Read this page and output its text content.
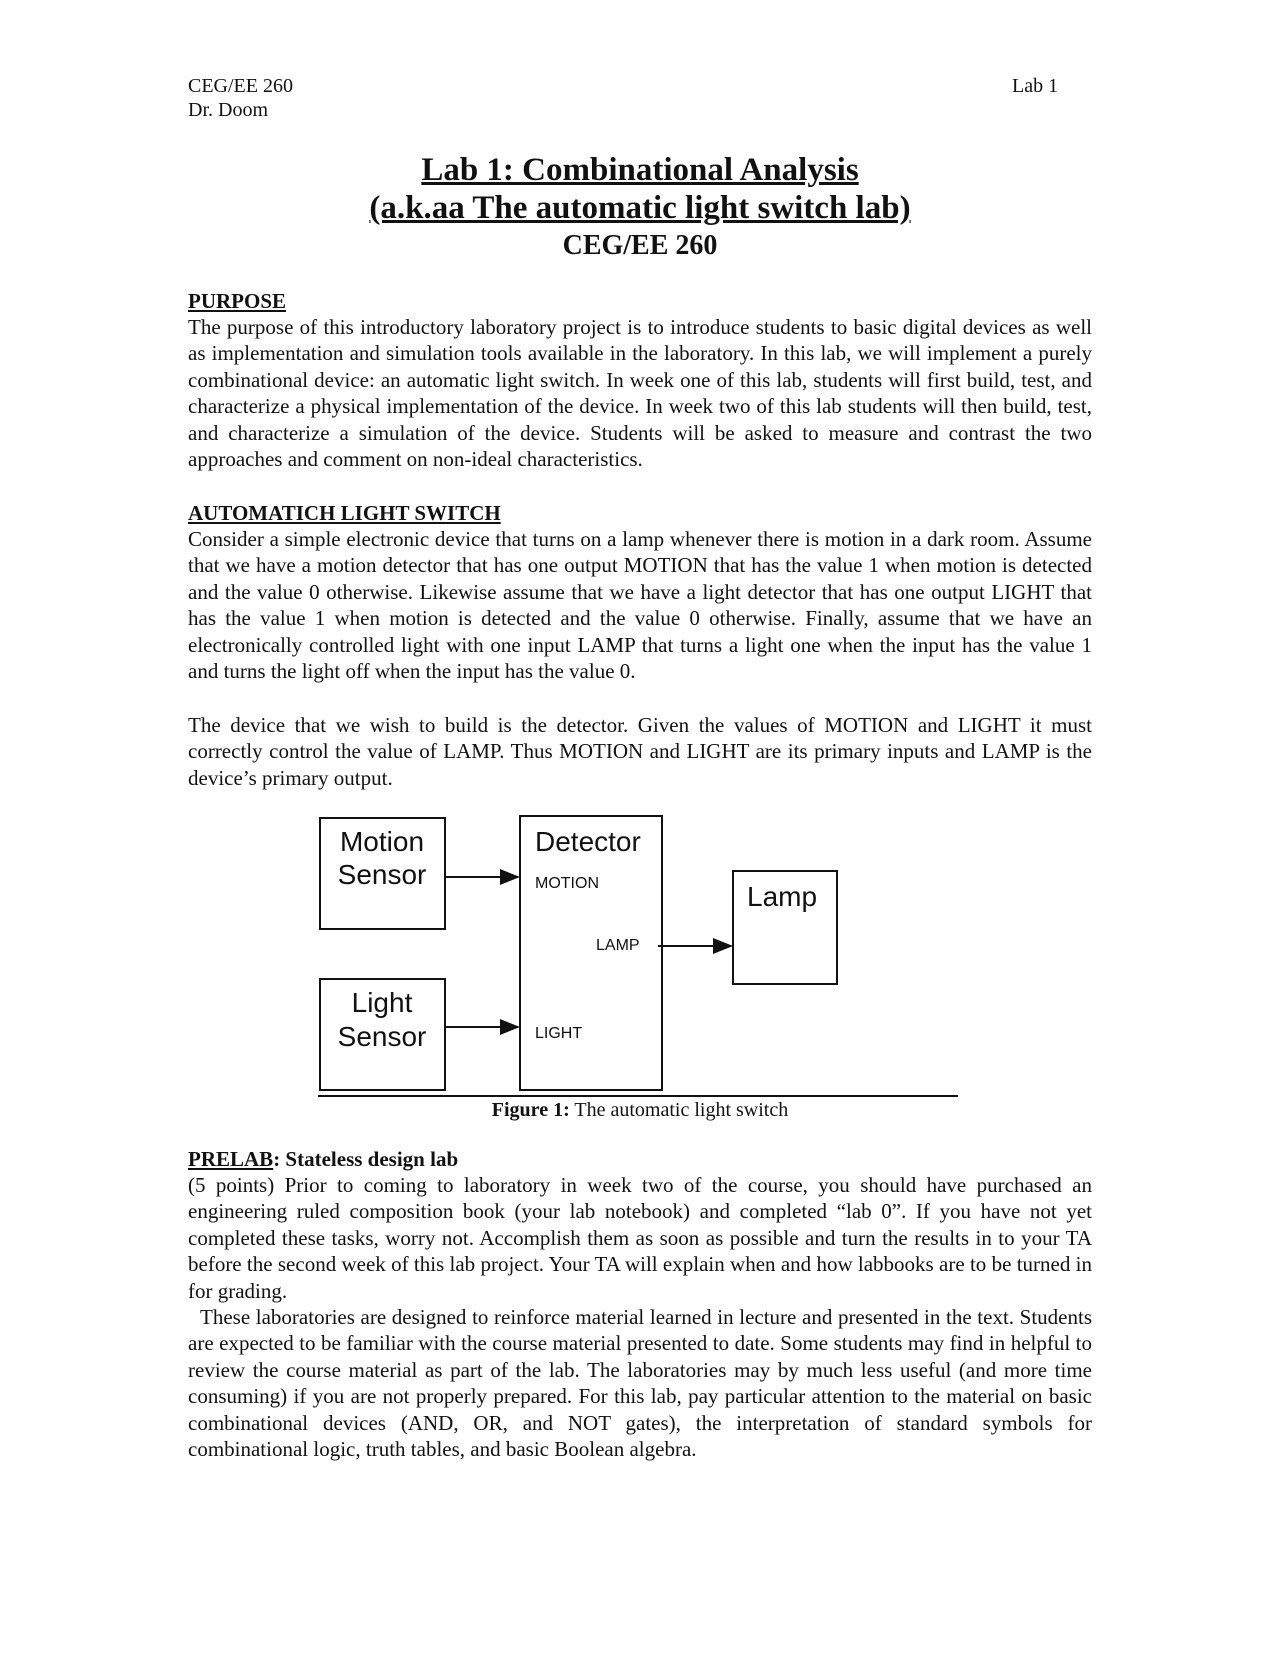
CEG/EE 260
Dr. Doom
Lab 1
Lab 1: Combinational Analysis
(a.k.aa The automatic light switch lab)
CEG/EE 260
PURPOSE

The purpose of this introductory laboratory project is to introduce students to basic digital devices as well as implementation and simulation tools available in the laboratory. In this lab, we will implement a purely combinational device: an automatic light switch. In week one of this lab, students will first build, test, and characterize a physical implementation of the device. In week two of this lab students will then build, test, and characterize a simulation of the device. Students will be asked to measure and contrast the two approaches and comment on non-ideal characteristics.

AUTOMATICH LIGHT SWITCH

Consider a simple electronic device that turns on a lamp whenever there is motion in a dark room. Assume that we have a motion detector that has one output MOTION that has the value 1 when motion is detected and the value 0 otherwise. Likewise assume that we have a light detector that has one output LIGHT that has the value 1 when motion is detected and the value 0 otherwise. Finally, assume that we have an electronically controlled light with one input LAMP that turns a light one when the input has the value 1 and turns the light off when the input has the value 0.

The device that we wish to build is the detector. Given the values of MOTION and LIGHT it must correctly control the value of LAMP. Thus MOTION and LIGHT are its primary inputs and LAMP is the device’s primary output.

Motion
Sensor
Light
Sensor
Detector
Lamp
MOTION
LAMP
LIGHT
Figure 1: The automatic light switch
PRELAB: Stateless design lab

(5 points) Prior to coming to laboratory in week two of the course, you should have purchased an engineering ruled composition book (your lab notebook) and completed “lab 0”. If you have not yet completed these tasks, worry not. Accomplish them as soon as possible and turn the results in to your TA before the second week of this lab project. Your TA will explain when and how labbooks are to be turned in for grading.

These laboratories are designed to reinforce material learned in lecture and presented in the text. Students are expected to be familiar with the course material presented to date. Some students may find in helpful to review the course material as part of the lab. The laboratories may by much less useful (and more time consuming) if you are not properly prepared. For this lab, pay particular attention to the material on basic combinational devices (AND, OR, and NOT gates), the interpretation of standard symbols for combinational logic, truth tables, and basic Boolean algebra.
